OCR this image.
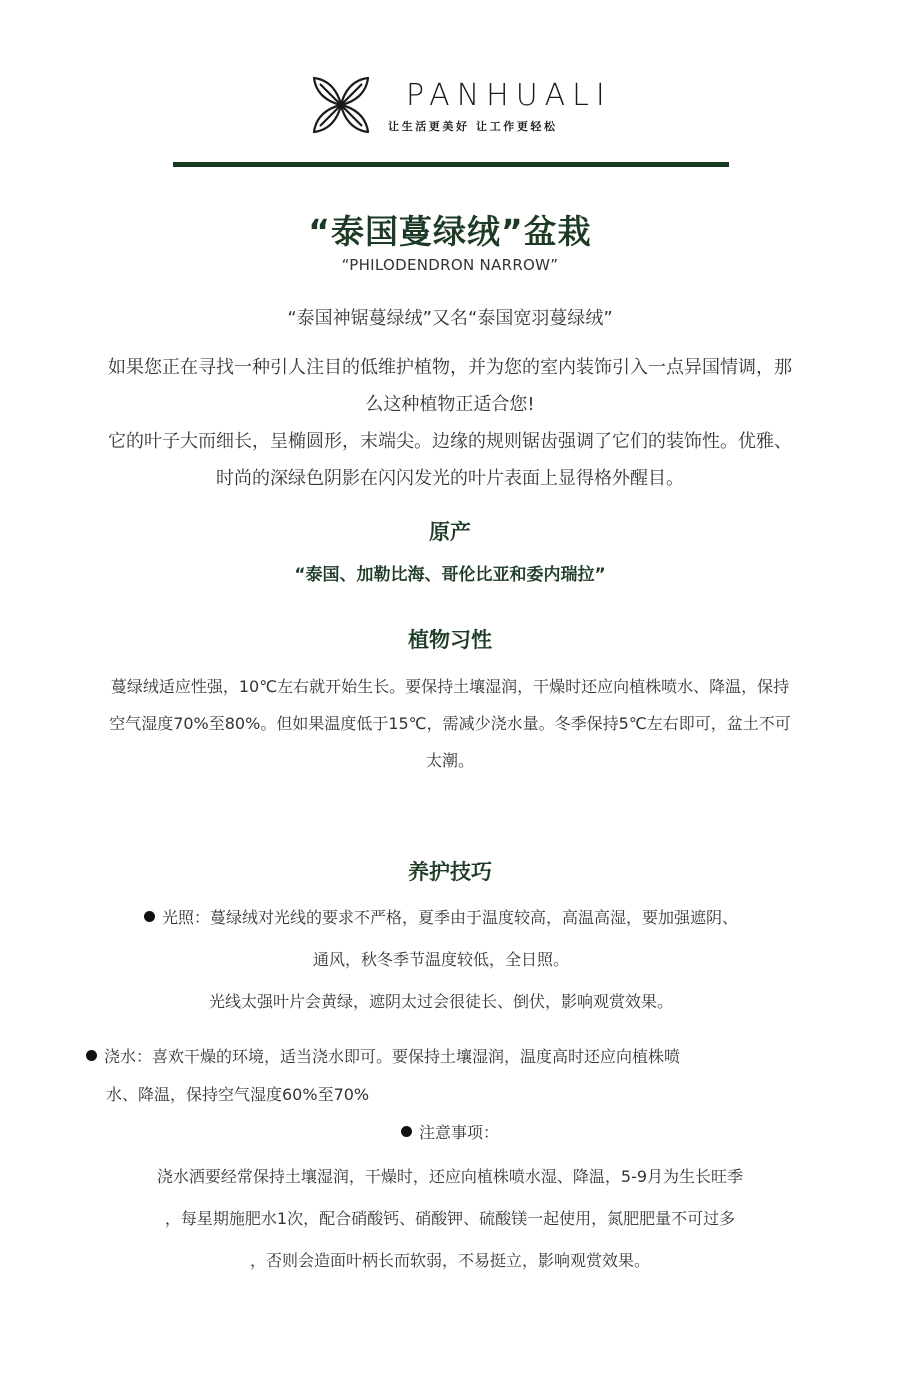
PANHUALI
让生活更美好 让工作更轻松
“泰国蔓绿绒”盆栽
“PHILODENDRON NARROW”
“泰国神锯蔓绿绒”又名“泰国宽羽蔓绿绒”
如果您正在寻找一种引人注目的低维护植物，并为您的室内装饰引入一点异国情调，那么这种植物正适合您!
它的叶子大而细长，呈椭圆形，末端尖。边缘的规则锯齿强调了它们的装饰性。优雅、时尚的深绿色阴影在闪闪发光的叶片表面上显得格外醒目。
原产
“泰国、加勒比海、哥伦比亚和委内瑞拉”
植物习性
蔓绿绒适应性强，10℃左右就开始生长。要保持土壤湿润，干燥时还应向植株喷水、降温，保持空气湿度70%至80%。但如果温度低于15℃，需减少浇水量。冬季保持5℃左右即可，盆土不可太潮。
养护技巧
光照：蔓绿绒对光线的要求不严格，夏季由于温度较高，高温高湿，要加强遮阴、
通风，秋冬季节温度较低，全日照。
光线太强叶片会黄绿，遮阴太过会很徒长、倒伏，影响观赏效果。
浇水：喜欢干燥的环境，适当浇水即可。要保持土壤湿润，温度高时还应向植株喷
水、降温，保持空气湿度60%至70%
注意事项：
浇水洒要经常保持土壤湿润，干燥时，还应向植株喷水湿、降温，5-9月为生长旺季
，每星期施肥水1次，配合硝酸钙、硝酸钾、硫酸镁一起使用，氮肥肥量不可过多
，否则会造面叶柄长而软弱，不易挺立，影响观赏效果。
